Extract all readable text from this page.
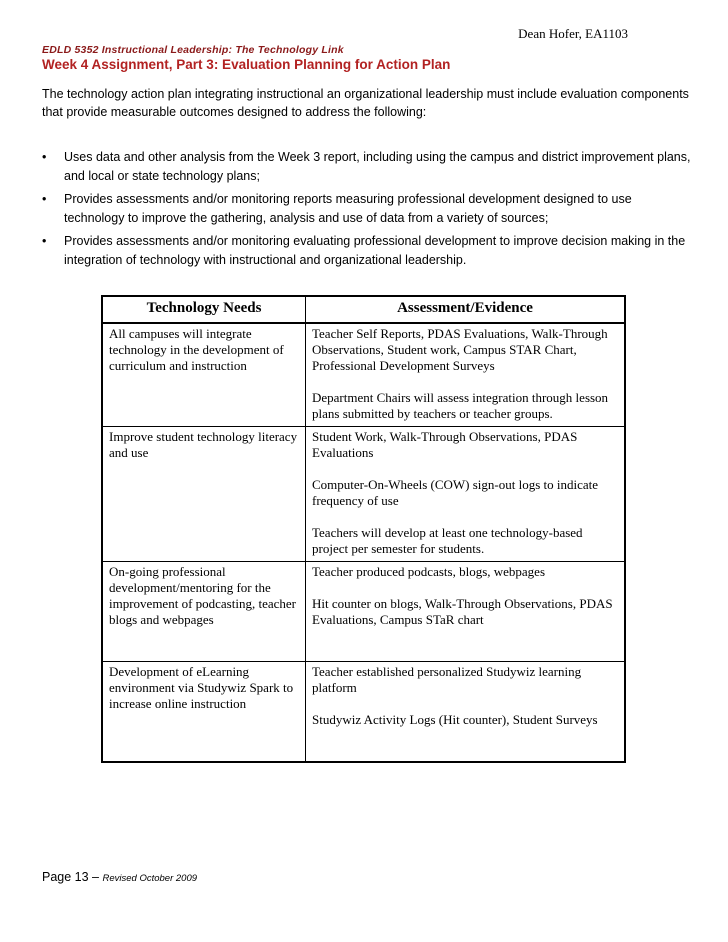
Dean Hofer, EA1103
EDLD 5352 Instructional Leadership: The Technology Link
Week 4 Assignment, Part 3: Evaluation Planning for Action Plan
The technology action plan integrating instructional an organizational leadership must include evaluation components that provide measurable outcomes designed to address the following:
• Uses data and other analysis from the Week 3 report, including using the campus and district improvement plans, and local or state technology plans;
• Provides assessments and/or monitoring reports measuring professional development designed to use technology to improve the gathering, analysis and use of data from a variety of sources;
• Provides assessments and/or monitoring evaluating professional development to improve decision making in the integration of technology with instructional and organizational leadership.
Technology Needs	Assessment/Evidence
All campuses will integrate technology in the development of curriculum and instruction	Teacher Self Reports, PDAS Evaluations, Walk-Through Observations, Student work, Campus STAR Chart, Professional Development Surveys
Department Chairs will assess integration through lesson plans submitted by teachers or teacher groups.

Improve student technology literacy and use	Student Work, Walk-Through Observations, PDAS Evaluations
Computer-On-Wheels (COW) sign-out logs to indicate frequency of use
Teachers will develop at least one technology-based project per semester for students.

On-going professional development/mentoring for the improvement of podcasting, teacher blogs and webpages	Teacher produced podcasts, blogs, webpages
Hit counter on blogs, Walk-Through Observations, PDAS Evaluations, Campus STaR chart

Development of eLearning environment via Studywiz Spark to increase online instruction	Teacher established personalized Studywiz learning platform
Studywiz Activity Logs (Hit counter), Student Surveys
Page 13 – Revised October 2009
